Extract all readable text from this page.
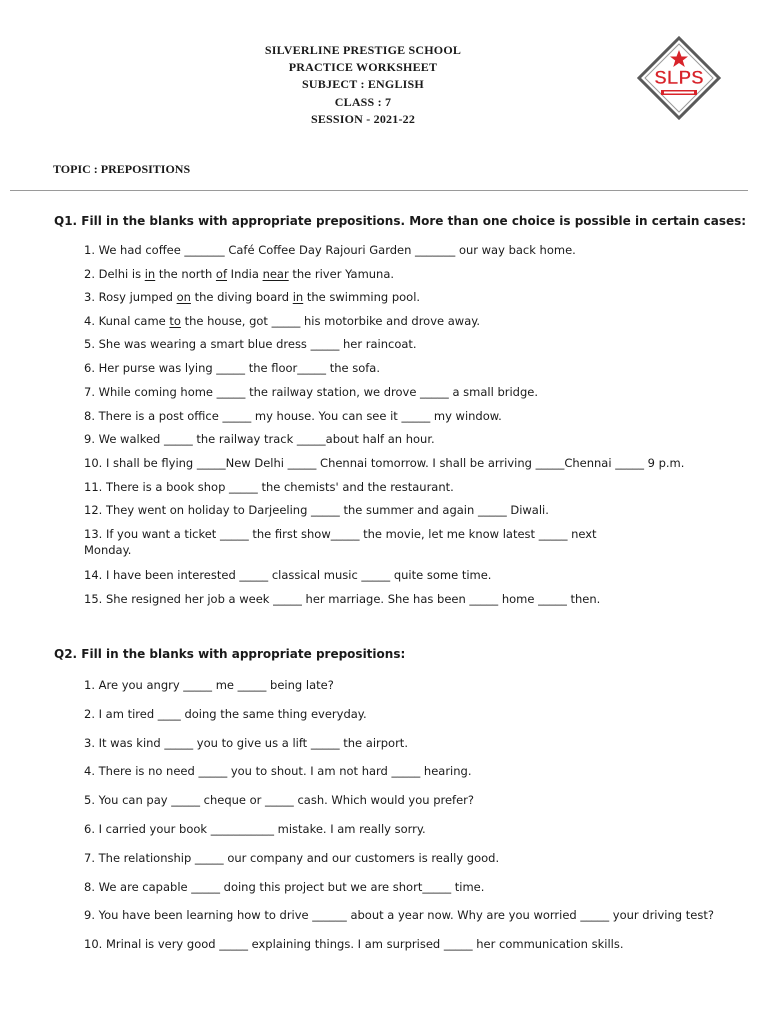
SILVERLINE PRESTIGE SCHOOL
PRACTICE WORKSHEET
SUBJECT : ENGLISH
CLASS : 7
SESSION - 2021-22
SLPS
TOPIC : PREPOSITIONS
Q1. Fill in the blanks with appropriate prepositions. More than one choice is possible in certain cases:
1. We had coffee _______ Café Coffee Day Rajouri Garden _______ our way back home.
2. Delhi is in the north of India near the river Yamuna.
3. Rosy jumped on the diving board in the swimming pool.
4. Kunal came to the house, got _____ his motorbike and drove away.
5. She was wearing a smart blue dress _____ her raincoat.
6. Her purse was lying _____ the floor_____ the sofa.
7. While coming home _____ the railway station, we drove _____ a small bridge.
8. There is a post office _____ my house. You can see it _____ my window.
9. We walked _____ the railway track _____about half an hour.
10. I shall be flying _____New Delhi _____ Chennai tomorrow. I shall be arriving _____Chennai _____ 9 p.m.
11. There is a book shop _____ the chemists' and the restaurant.
12. They went on holiday to Darjeeling _____ the summer and again _____ Diwali.
13. If you want a ticket _____ the first show_____ the movie, let me know latest _____ next Monday.
14. I have been interested _____ classical music _____ quite some time.
15. She resigned her job a week _____ her marriage. She has been _____ home _____ then.
Q2. Fill in the blanks with appropriate prepositions:
1. Are you angry _____ me _____ being late?
2. I am tired ____ doing the same thing everyday.
3. It was kind _____ you to give us a lift _____ the airport.
4. There is no need _____ you to shout. I am not hard _____ hearing.
5. You can pay _____ cheque or _____ cash. Which would you prefer?
6. I carried your book ___________ mistake. I am really sorry.
7. The relationship _____ our company and our customers is really good.
8. We are capable _____ doing this project but we are short_____ time.
9. You have been learning how to drive ______ about a year now. Why are you worried _____ your driving test?
10. Mrinal is very good _____ explaining things. I am surprised _____ her communication skills.
